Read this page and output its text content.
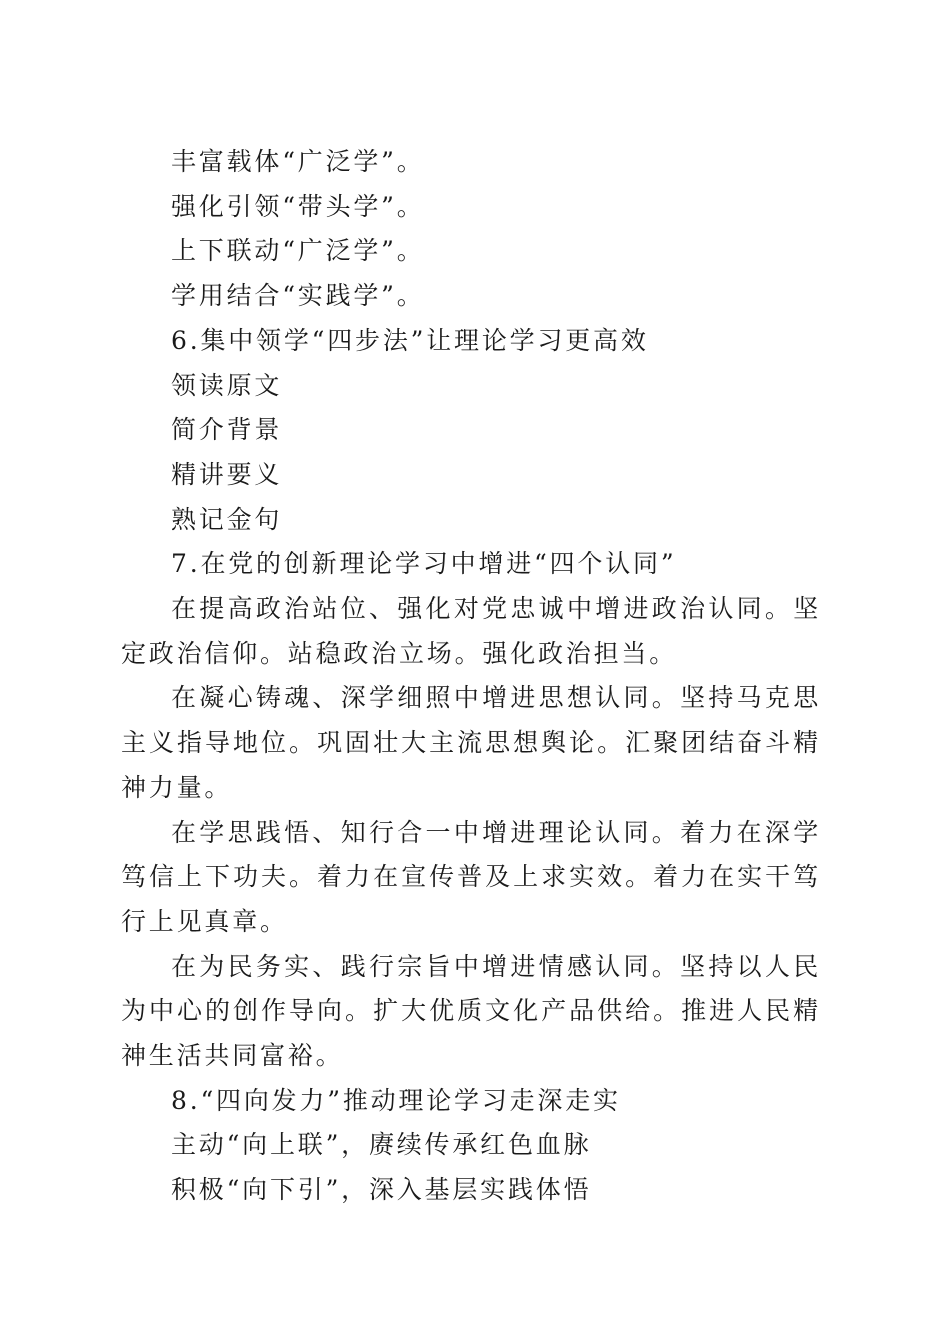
丰富载体“广泛学”。
强化引领“带头学”。
上下联动“广泛学”。
学用结合“实践学”。
6.集中领学“四步法”让理论学习更高效
领读原文
简介背景
精讲要义
熟记金句
7.在党的创新理论学习中增进“四个认同”
在提高政治站位、强化对党忠诚中增进政治认同。坚定政治信仰。站稳政治立场。强化政治担当。
在凝心铸魂、深学细照中增进思想认同。坚持马克思主义指导地位。巩固壮大主流思想舆论。汇聚团结奋斗精神力量。
在学思践悟、知行合一中增进理论认同。着力在深学笃信上下功夫。着力在宣传普及上求实效。着力在实干笃行上见真章。
在为民务实、践行宗旨中增进情感认同。坚持以人民为中心的创作导向。扩大优质文化产品供给。推进人民精神生活共同富裕。
8.“四向发力”推动理论学习走深走实
主动“向上联”，赓续传承红色血脉
积极“向下引”，深入基层实践体悟
